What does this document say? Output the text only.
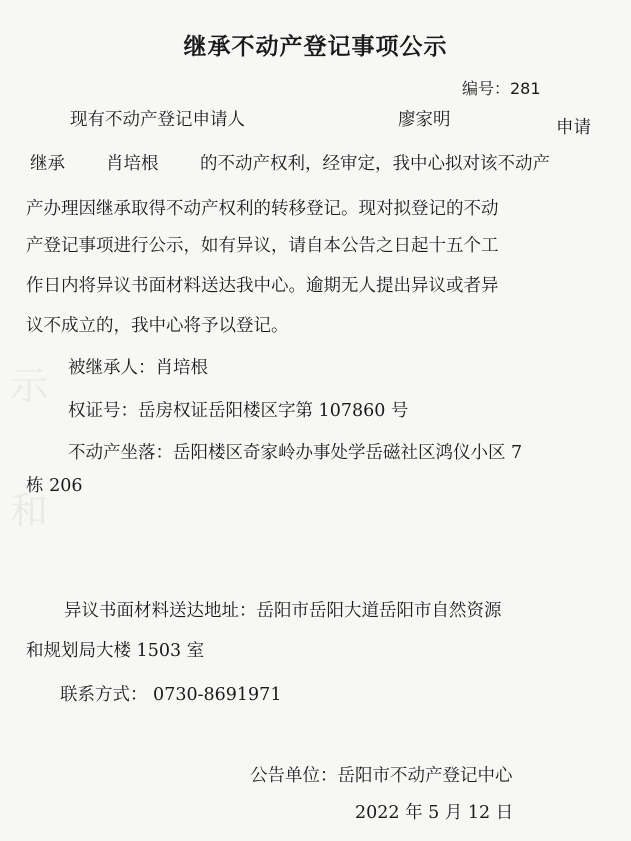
示
和
继承不动产登记事项公示
编号：281
现有不动产登记申请人	廖家明	申请
继承 肖培根 的不动产权利，经审定，我中心拟对该不动产
产办理因继承取得不动产权利的转移登记。现对拟登记的不动
产登记事项进行公示，如有异议，请自本公告之日起十五个工
作日内将异议书面材料送达我中心。逾期无人提出异议或者异
议不成立的，我中心将予以登记。
被继承人：肖培根
权证号：岳房权证岳阳楼区字第 107860 号
不动产坐落：岳阳楼区奇家岭办事处学岳磁社区鸿仪小区 7
栋 206
异议书面材料送达地址：岳阳市岳阳大道岳阳市自然资源
和规划局大楼 1503 室
联系方式： 0730-8691971
公告单位：岳阳市不动产登记中心
2022 年 5 月 12 日
